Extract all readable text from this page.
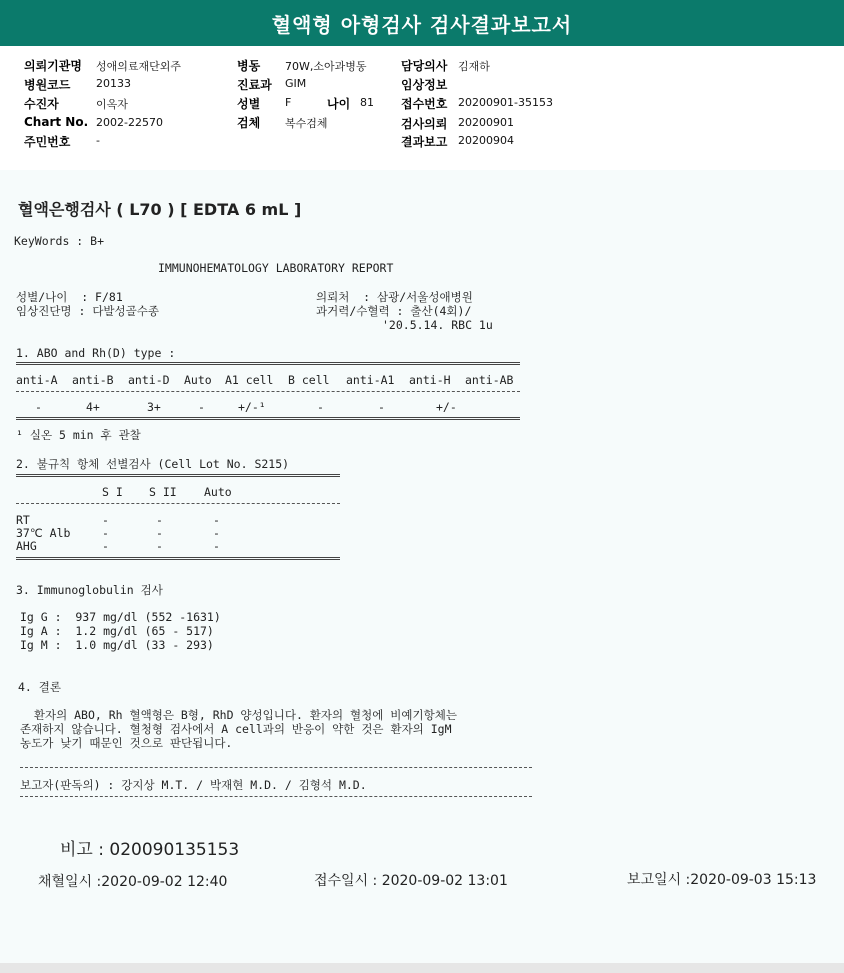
혈액형 아형검사 검사결과보고서
의뢰기관명 성애의료재단외주
병원코드 20133
수진자	이옥자
Chart No. 2002-22570
주민번호 -
병동 70W,소아과병동
진료과 GIM
성별 F	나이 81
검체 복수검체
담당의사 김재하
임상정보
접수번호 20200901-35153
검사의뢰 20200901
결과보고 20200904
혈액은행검사 ( L70 ) [ EDTA 6 mL ]
KeyWords : B+
IMMUNOHEMATOLOGY LABORATORY REPORT
성별/나이  : F/81	의뢰처  : 삼광/서울성애병원
임상진단명 : 다발성골수종	과거력/수혈력 : 출산(4회)/
'20.5.14. RBC 1u
1. ABO and Rh(D) type :
anti-A anti-B anti-D Auto A1 cell B cell anti-A1 anti-H anti-AB
-	4+	3+	-	+/-¹	-	-	+/-
¹ 실온 5 min 후 관찰
2. 불규칙 항체 선별검사 (Cell Lot No. S215)
S I S II Auto
RT	-	-	-
37℃ Alb	-	-	-
AHG	-	-	-
3. Immunoglobulin 검사
Ig G :  937 mg/dl (552 -1631)
Ig A :  1.2 mg/dl (65 - 517)
Ig M :  1.0 mg/dl (33 - 293)
4. 결론
환자의 ABO, Rh 혈액형은 B형, RhD 양성입니다. 환자의 혈청에 비예기항체는
존재하지 않습니다. 혈청형 검사에서 A cell과의 반응이 약한 것은 환자의 IgM
농도가 낮기 때문인 것으로 판단됩니다.
보고자(판독의) : 강지상 M.T. / 박재현 M.D. / 김형석 M.D.
비고 : 020090135153
채혈일시 :2020-09-02 12:40	접수일시 : 2020-09-02 13:01	보고일시 :2020-09-03 15:13
